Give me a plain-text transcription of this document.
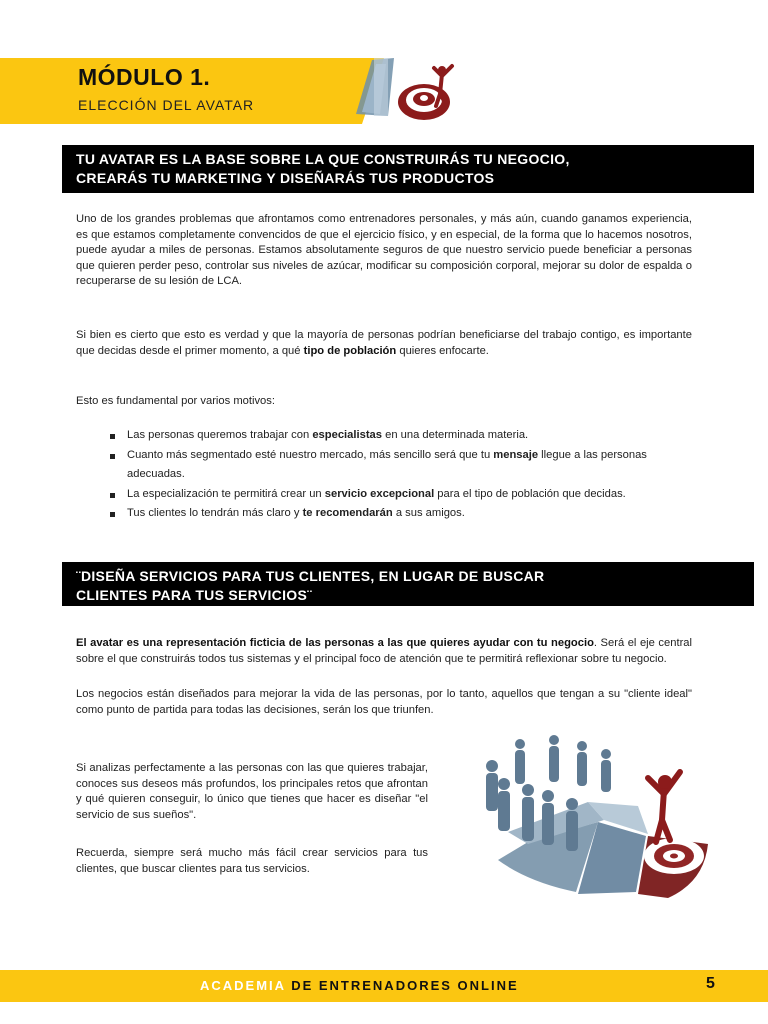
MÓDULO 1.

ELECCIÓN DEL AVATAR

TU AVATAR ES LA BASE SOBRE LA QUE CONSTRUIRÁS TU NEGOCIO,
CREARÁS TU MARKETING Y DISEÑARÁS TUS PRODUCTOS

Uno de los grandes problemas que afrontamos como entrenadores personales, y más aún, cuando ganamos experiencia, es que estamos completamente convencidos de que el ejercicio físico, y en especial, de la forma que lo hacemos nosotros, puede ayudar a miles de personas. Estamos absolutamente seguros de que nuestro servicio puede beneficiar a personas que quieren perder peso, controlar sus niveles de azúcar, modificar su composición corporal, mejorar su dolor de espalda o recuperarse de su lesión de LCA.

Si bien es cierto que esto es verdad y que la mayoría de personas podrían beneficiarse del trabajo contigo, es importante que decidas desde el primer momento, a qué tipo de población quieres enfocarte.

Esto es fundamental por varios motivos:

Las personas queremos trabajar con especialistas en una determinada materia.
Cuanto más segmentado esté nuestro mercado, más sencillo será que tu mensaje llegue a las personas adecuadas.
La especialización te permitirá crear un servicio excepcional para el tipo de población que decidas.
Tus clientes lo tendrán más claro y te recomendarán a sus amigos.
¨DISEÑA SERVICIOS PARA TUS CLIENTES, EN LUGAR DE BUSCAR
CLIENTES PARA TUS SERVICIOS¨

El avatar es una representación ficticia de las personas a las que quieres ayudar con tu negocio. Será el eje central sobre el que construirás todos tus sistemas y el principal foco de atención que te permitirá reflexionar sobre tu negocio.

Los negocios están diseñados para mejorar la vida de las personas, por lo tanto, aquellos que tengan a su "cliente ideal" como punto de partida para todas las decisiones, serán los que triunfen.

Si analizas perfectamente a las personas con las que quieres trabajar, conoces sus deseos más profundos, los principales retos que afrontan y qué quieren conseguir, lo único que tienes que hacer es diseñar "el servicio de sus sueños".

Recuerda, siempre será mucho más fácil crear servicios para tus clientes, que buscar clientes para tus servicios.

ACADEMIA DE ENTRENADORES ONLINE	5
